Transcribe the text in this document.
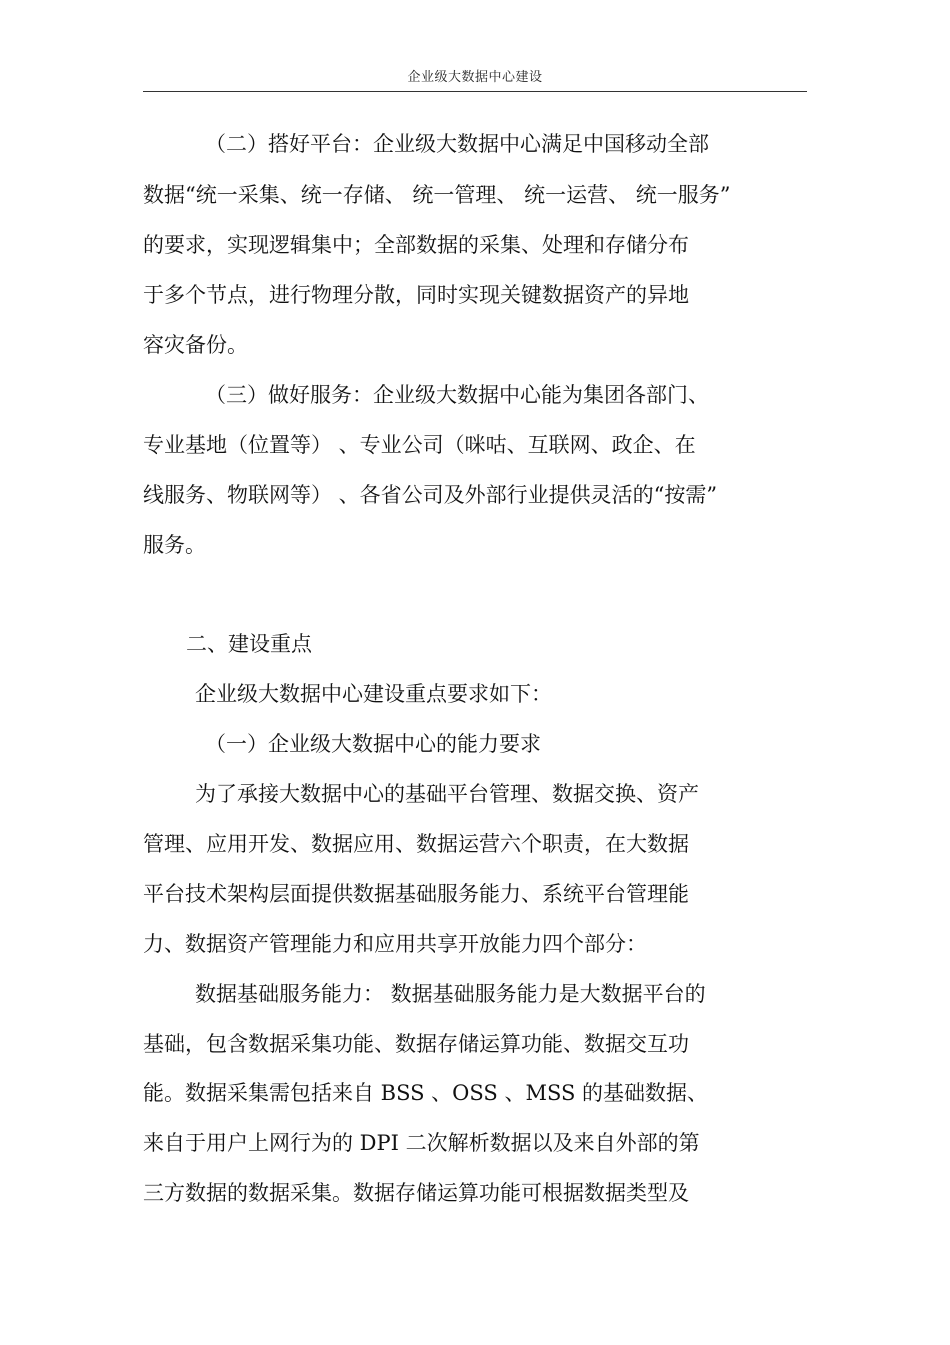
企业级大数据中心建设
（二）搭好平台：企业级大数据中心满足中国移动全部
数据“统一采集、统一存储、 统一管理、 统一运营、 统一服务”
的要求，实现逻辑集中；全部数据的采集、处理和存储分布
于多个节点，进行物理分散，同时实现关键数据资产的异地
容灾备份。
（三）做好服务：企业级大数据中心能为集团各部门、
专业基地（位置等） 、专业公司（咪咕、互联网、政企、在
线服务、物联网等） 、各省公司及外部行业提供灵活的“按需”
服务。
二、建设重点
企业级大数据中心建设重点要求如下：
（一）企业级大数据中心的能力要求
为了承接大数据中心的基础平台管理、数据交换、资产
管理、应用开发、数据应用、数据运营六个职责，在大数据
平台技术架构层面提供数据基础服务能力、系统平台管理能
力、数据资产管理能力和应用共享开放能力四个部分：
数据基础服务能力： 数据基础服务能力是大数据平台的
基础，包含数据采集功能、数据存储运算功能、数据交互功
能。数据采集需包括来自 BSS 、OSS 、MSS 的基础数据、
来自于用户上网行为的 DPI 二次解析数据以及来自外部的第
三方数据的数据采集。数据存储运算功能可根据数据类型及
